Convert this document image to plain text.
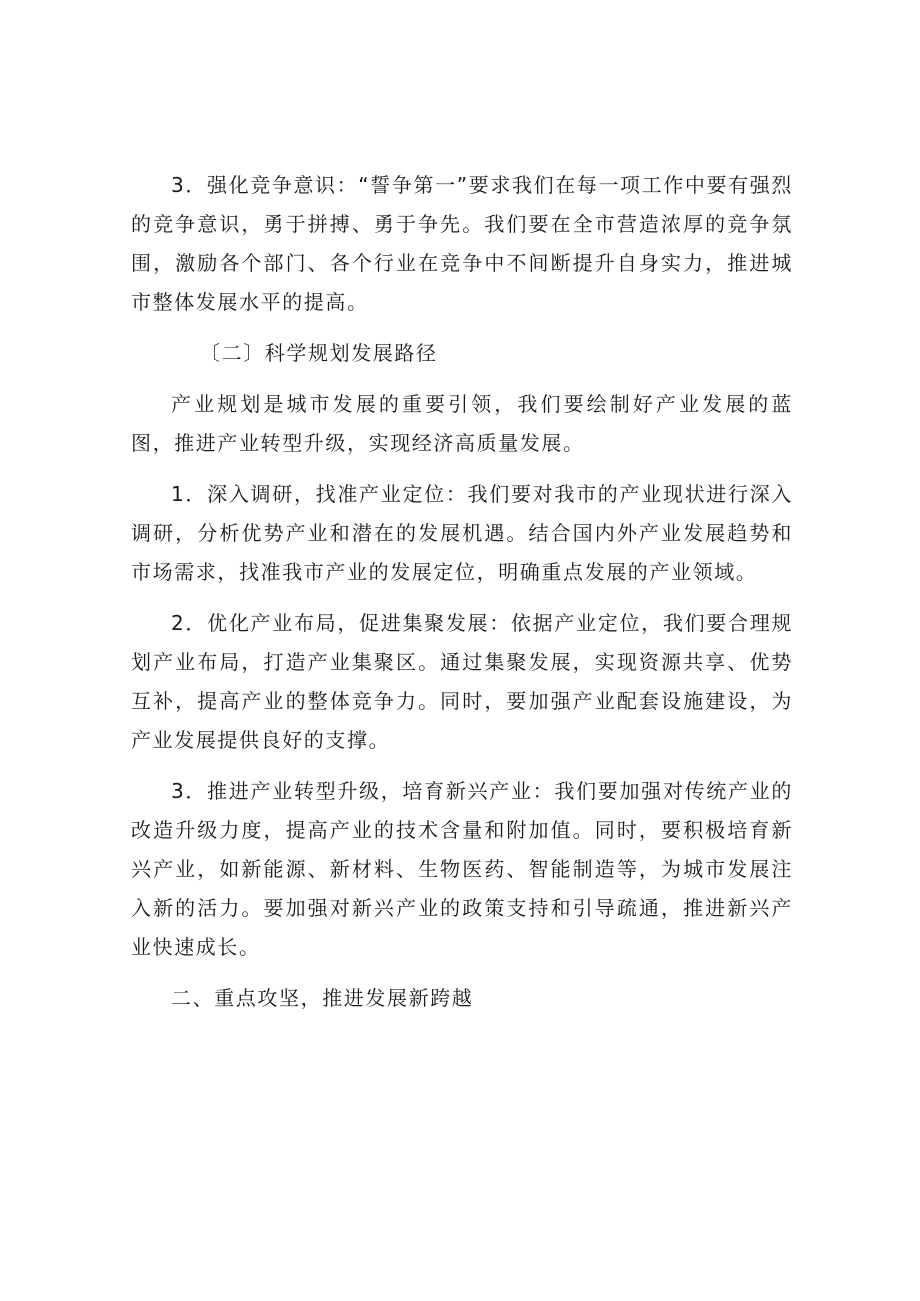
3．强化竞争意识：“誓争第一”要求我们在每一项工作中要有强烈的竞争意识，勇于拼搏、勇于争先。我们要在全市营造浓厚的竞争氛围，激励各个部门、各个行业在竞争中不间断提升自身实力，推进城市整体发展水平的提高。

〔二〕科学规划发展路径

产业规划是城市发展的重要引领，我们要绘制好产业发展的蓝图，推进产业转型升级，实现经济高质量发展。

1．深入调研，找准产业定位：我们要对我市的产业现状进行深入调研，分析优势产业和潜在的发展机遇。结合国内外产业发展趋势和市场需求，找准我市产业的发展定位，明确重点发展的产业领域。

2．优化产业布局，促进集聚发展：依据产业定位，我们要合理规划产业布局，打造产业集聚区。通过集聚发展，实现资源共享、优势互补，提高产业的整体竞争力。同时，要加强产业配套设施建设，为产业发展提供良好的支撑。

3．推进产业转型升级，培育新兴产业：我们要加强对传统产业的改造升级力度，提高产业的技术含量和附加值。同时，要积极培育新兴产业，如新能源、新材料、生物医药、智能制造等，为城市发展注入新的活力。要加强对新兴产业的政策支持和引导疏通，推进新兴产业快速成长。

二、重点攻坚，推进发展新跨越
